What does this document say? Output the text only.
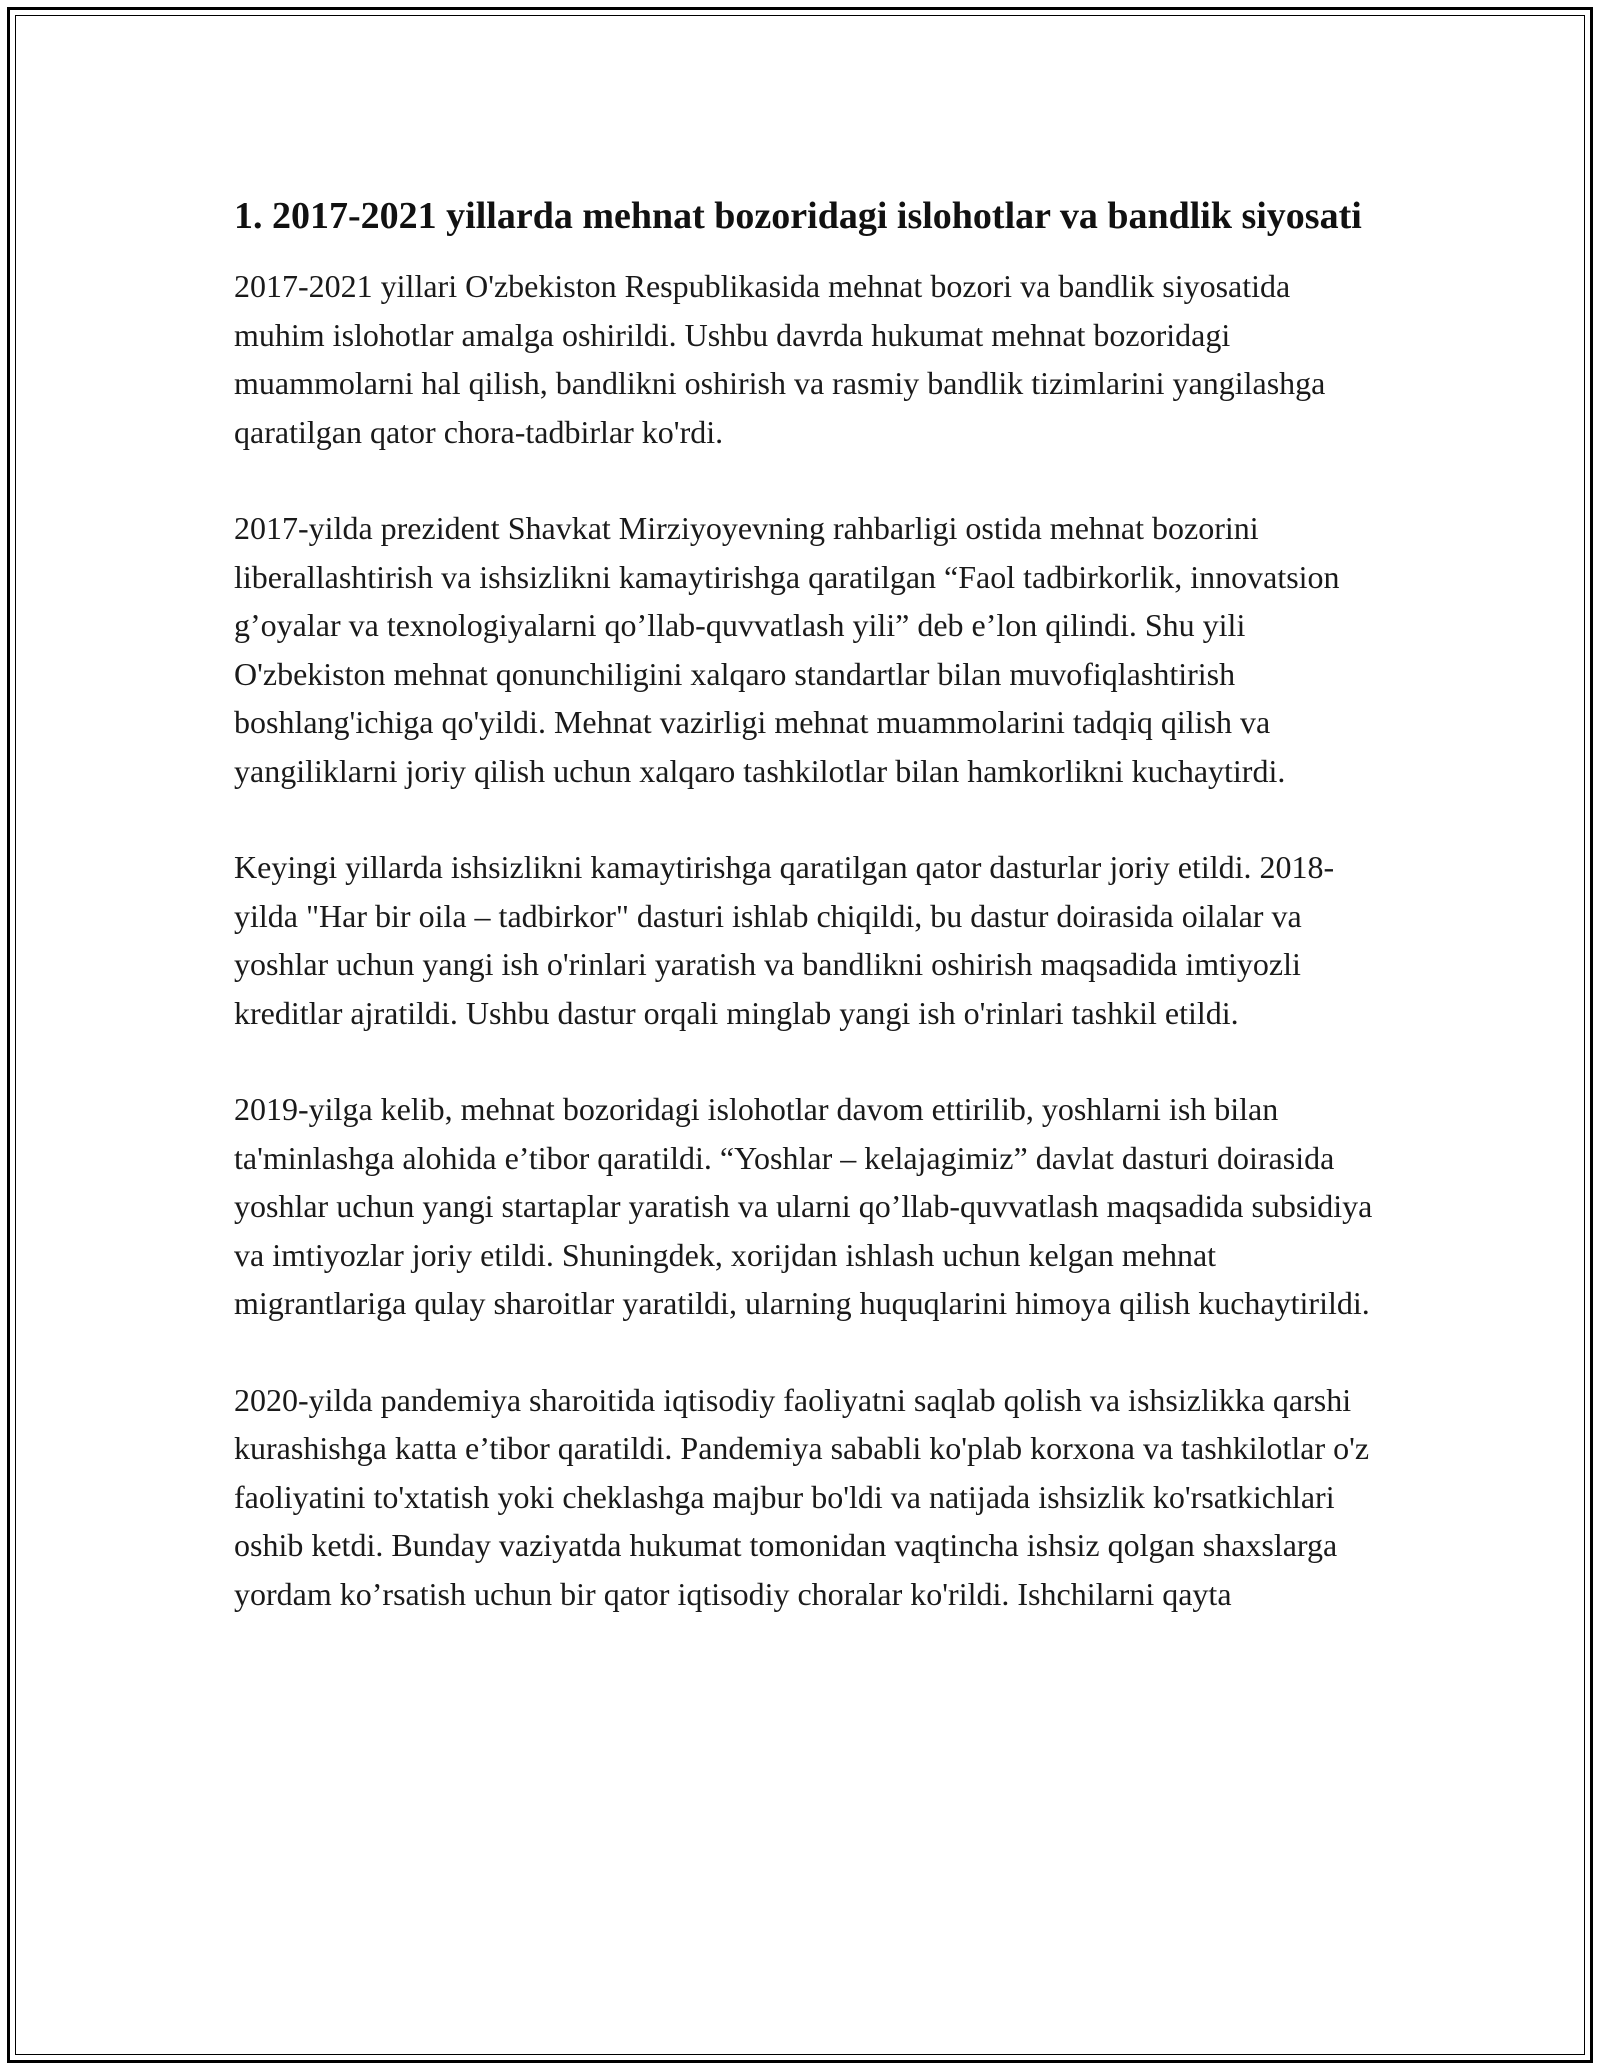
1. 2017-2021 yillarda mehnat bozoridagi islohotlar va bandlik siyosati

2017-2021 yillari O'zbekiston Respublikasida mehnat bozori va bandlik siyosatida muhim islohotlar amalga oshirildi. Ushbu davrda hukumat mehnat bozoridagi muammolarni hal qilish, bandlikni oshirish va rasmiy bandlik tizimlarini yangilashga qaratilgan qator chora-tadbirlar ko'rdi.

2017-yilda prezident Shavkat Mirziyoyevning rahbarligi ostida mehnat bozorini liberallashtirish va ishsizlikni kamaytirishga qaratilgan “Faol tadbirkorlik, innovatsion g’oyalar va texnologiyalarni qo’llab-quvvatlash yili” deb e’lon qilindi. Shu yili O'zbekiston mehnat qonunchiligini xalqaro standartlar bilan muvofiqlashtirish boshlang'ichiga qo'yildi. Mehnat vazirligi mehnat muammolarini tadqiq qilish va yangiliklarni joriy qilish uchun xalqaro tashkilotlar bilan hamkorlikni kuchaytirdi.

Keyingi yillarda ishsizlikni kamaytirishga qaratilgan qator dasturlar joriy etildi. 2018-yilda "Har bir oila – tadbirkor" dasturi ishlab chiqildi, bu dastur doirasida oilalar va yoshlar uchun yangi ish o'rinlari yaratish va bandlikni oshirish maqsadida imtiyozli kreditlar ajratildi. Ushbu dastur orqali minglab yangi ish o'rinlari tashkil etildi.

2019-yilga kelib, mehnat bozoridagi islohotlar davom ettirilib, yoshlarni ish bilan ta'minlashga alohida e’tibor qaratildi. “Yoshlar – kelajagimiz” davlat dasturi doirasida yoshlar uchun yangi startaplar yaratish va ularni qo’llab-quvvatlash maqsadida subsidiya va imtiyozlar joriy etildi. Shuningdek, xorijdan ishlash uchun kelgan mehnat migrantlariga qulay sharoitlar yaratildi, ularning huquqlarini himoya qilish kuchaytirildi.

2020-yilda pandemiya sharoitida iqtisodiy faoliyatni saqlab qolish va ishsizlikka qarshi kurashishga katta e’tibor qaratildi. Pandemiya sababli ko'plab korxona va tashkilotlar o'z faoliyatini to'xtatish yoki cheklashga majbur bo'ldi va natijada ishsizlik ko'rsatkichlari oshib ketdi. Bunday vaziyatda hukumat tomonidan vaqtincha ishsiz qolgan shaxslarga yordam ko’rsatish uchun bir qator iqtisodiy choralar ko'rildi. Ishchilarni qayta
